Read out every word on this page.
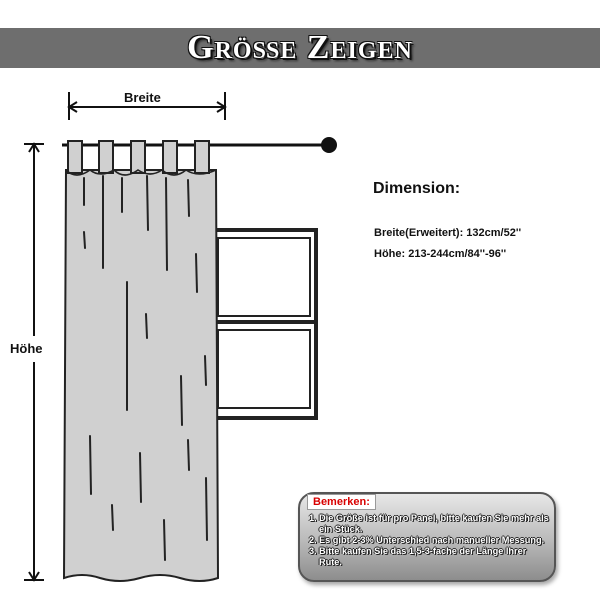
Größe Zeigen
Breite
Höhe
Dimension:
Breite(Erweitert): 132cm/52''
Höhe: 213-244cm/84''-96''
Bemerken:
1. Die Größe ist für pro Panel, bitte kaufen Sie mehr als ein Stück.
2. Es gibt 2-3% Unterschied nach manueller Messung.
3. Bitte kaufen Sie das 1,5-3-fache der Länge Ihrer Rute.
